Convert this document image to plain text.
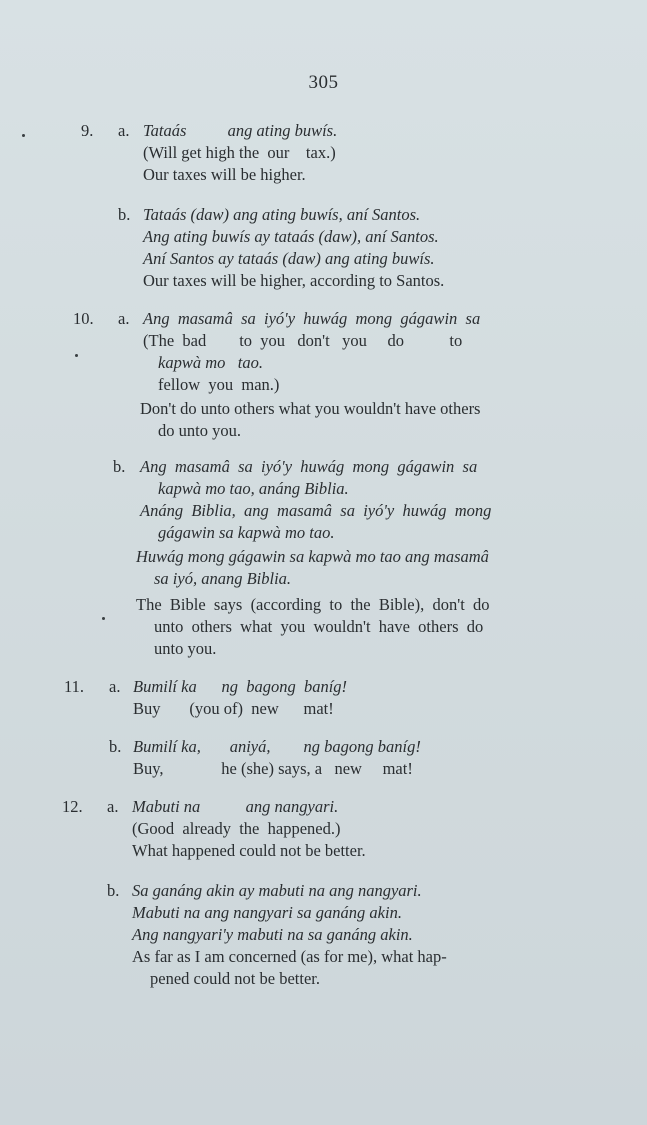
305
9. a. Tataás          ang ating buwís.
(Will get high the  our    tax.)
Our taxes will be higher.
b. Tataás (daw) ang ating buwís, aní Santos.
Ang ating buwís ay tataás (daw), aní Santos.
Aní Santos ay tataás (daw) ang ating buwís.
Our taxes will be higher, according to Santos.
10. a. Ang  masamâ  sa  iyó'y  huwág  mong  gágawin  sa
(The  bad        to  you   don't   you     do           to
kapwà mo   tao.
fellow  you  man.)
Don't do unto others what you wouldn't have others
do unto you.
b. Ang  masamâ  sa  iyó'y  huwág  mong  gágawin  sa
kapwà mo tao, anáng Biblia.
Anáng  Biblia,  ang  masamâ  sa  iyó'y  huwág  mong
gágawin sa kapwà mo tao.
Huwág mong gágawin sa kapwà mo tao ang masamâ
sa iyó, anang Biblia.
The  Bible  says  (according  to  the  Bible),  don't  do
unto  others  what  you  wouldn't  have  others  do
unto you.
11. a. Bumilí ka      ng  bagong  baníg!
Buy       (you of)  new      mat!
b. Bumilí ka,       aniyá,        ng bagong baníg!
Buy,              he (she) says, a   new     mat!
12. a. Mabuti na           ang nangyari.
(Good  already  the  happened.)
What happened could not be better.
b. Sa ganáng akin ay mabuti na ang nangyari.
Mabuti na ang nangyari sa ganáng akin.
Ang nangyari'y mabuti na sa ganáng akin.
As far as I am concerned (as for me), what hap-
pened could not be better.
